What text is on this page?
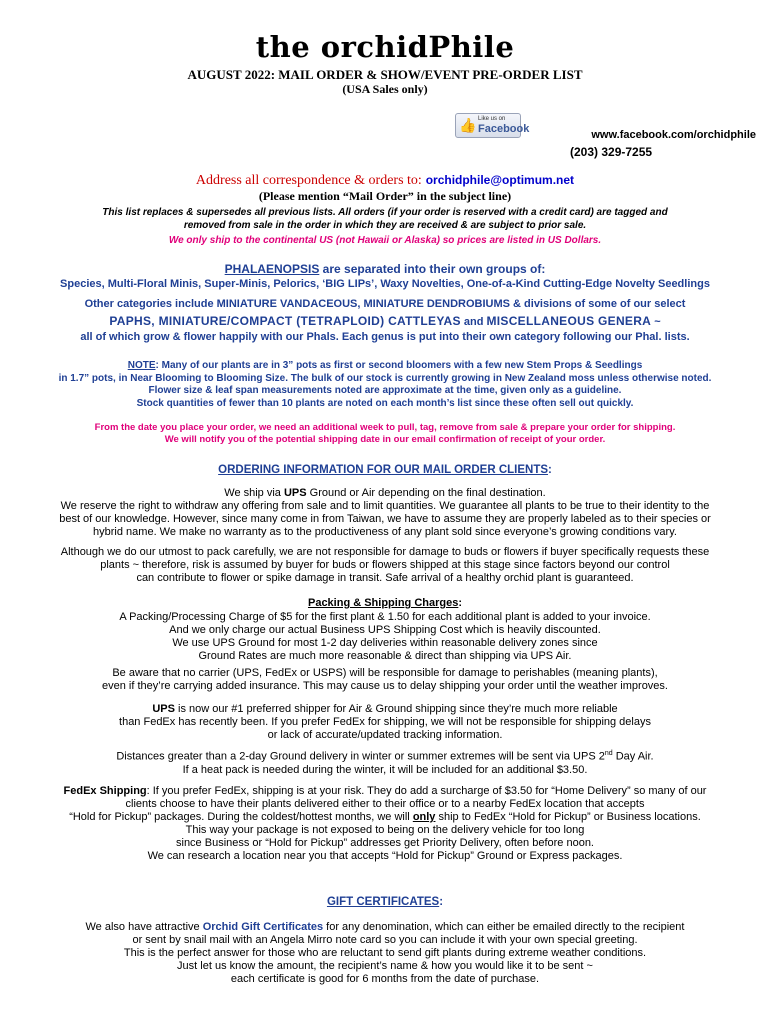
the orchidPhile
AUGUST 2022: MAIL ORDER & SHOW/EVENT PRE-ORDER LIST
(USA Sales only)
👍 Like us on
Facebook	www.facebook.com/orchidphile
(203) 329-7255
Address all correspondence & orders to: orchidphile@optimum.net
(Please mention “Mail Order” in the subject line)
This list replaces & supersedes all previous lists. All orders (if your order is reserved with a credit card) are tagged and
removed from sale in the order in which they are received & are subject to prior sale.
We only ship to the continental US (not Hawaii or Alaska) so prices are listed in US Dollars.
PHALAENOPSIS are separated into their own groups of:
Species, Multi-Floral Minis, Super-Minis, Pelorics, ‘BIG LIPs’, Waxy Novelties, One-of-a-Kind Cutting-Edge Novelty Seedlings
Other categories include MINIATURE VANDACEOUS, MINIATURE DENDROBIUMS & divisions of some of our select
PAPHS, MINIATURE/COMPACT (TETRAPLOID) CATTLEYAS and MISCELLANEOUS GENERA ~
all of which grow & flower happily with our Phals. Each genus is put into their own category following our Phal. lists.
NOTE: Many of our plants are in 3” pots as first or second bloomers with a few new Stem Props & Seedlings
in 1.7” pots, in Near Blooming to Blooming Size. The bulk of our stock is currently growing in New Zealand moss unless otherwise noted.
Flower size & leaf span measurements noted are approximate at the time, given only as a guideline.
Stock quantities of fewer than 10 plants are noted on each month’s list since these often sell out quickly.
From the date you place your order, we need an additional week to pull, tag, remove from sale & prepare your order for shipping.
We will notify you of the potential shipping date in our email confirmation of receipt of your order.
ORDERING INFORMATION FOR OUR MAIL ORDER CLIENTS:
We ship via UPS Ground or Air depending on the final destination.
We reserve the right to withdraw any offering from sale and to limit quantities. We guarantee all plants to be true to their identity to the
best of our knowledge. However, since many come in from Taiwan, we have to assume they are properly labeled as to their species or
hybrid name. We make no warranty as to the productiveness of any plant sold since everyone’s growing conditions vary.
Although we do our utmost to pack carefully, we are not responsible for damage to buds or flowers if buyer specifically requests these
plants ~ therefore, risk is assumed by buyer for buds or flowers shipped at this stage since factors beyond our control
can contribute to flower or spike damage in transit. Safe arrival of a healthy orchid plant is guaranteed.
Packing & Shipping Charges:
A Packing/Processing Charge of $5 for the first plant & 1.50 for each additional plant is added to your invoice.
And we only charge our actual Business UPS Shipping Cost which is heavily discounted.
We use UPS Ground for most 1-2 day deliveries within reasonable delivery zones since
Ground Rates are much more reasonable & direct than shipping via UPS Air.
Be aware that no carrier (UPS, FedEx or USPS) will be responsible for damage to perishables (meaning plants),
even if they’re carrying added insurance. This may cause us to delay shipping your order until the weather improves.
UPS is now our #1 preferred shipper for Air & Ground shipping since they’re much more reliable
than FedEx has recently been. If you prefer FedEx for shipping, we will not be responsible for shipping delays
or lack of accurate/updated tracking information.
Distances greater than a 2-day Ground delivery in winter or summer extremes will be sent via UPS 2nd Day Air.
If a heat pack is needed during the winter, it will be included for an additional $3.50.
FedEx Shipping: If you prefer FedEx, shipping is at your risk. They do add a surcharge of $3.50 for “Home Delivery” so many of our
clients choose to have their plants delivered either to their office or to a nearby FedEx location that accepts
“Hold for Pickup” packages. During the coldest/hottest months, we will only ship to FedEx “Hold for Pickup” or Business locations.
This way your package is not exposed to being on the delivery vehicle for too long
since Business or “Hold for Pickup” addresses get Priority Delivery, often before noon.
We can research a location near you that accepts “Hold for Pickup” Ground or Express packages.
GIFT CERTIFICATES:
We also have attractive Orchid Gift Certificates for any denomination, which can either be emailed directly to the recipient
or sent by snail mail with an Angela Mirro note card so you can include it with your own special greeting.
This is the perfect answer for those who are reluctant to send gift plants during extreme weather conditions.
Just let us know the amount, the recipient’s name & how you would like it to be sent ~
each certificate is good for 6 months from the date of purchase.
